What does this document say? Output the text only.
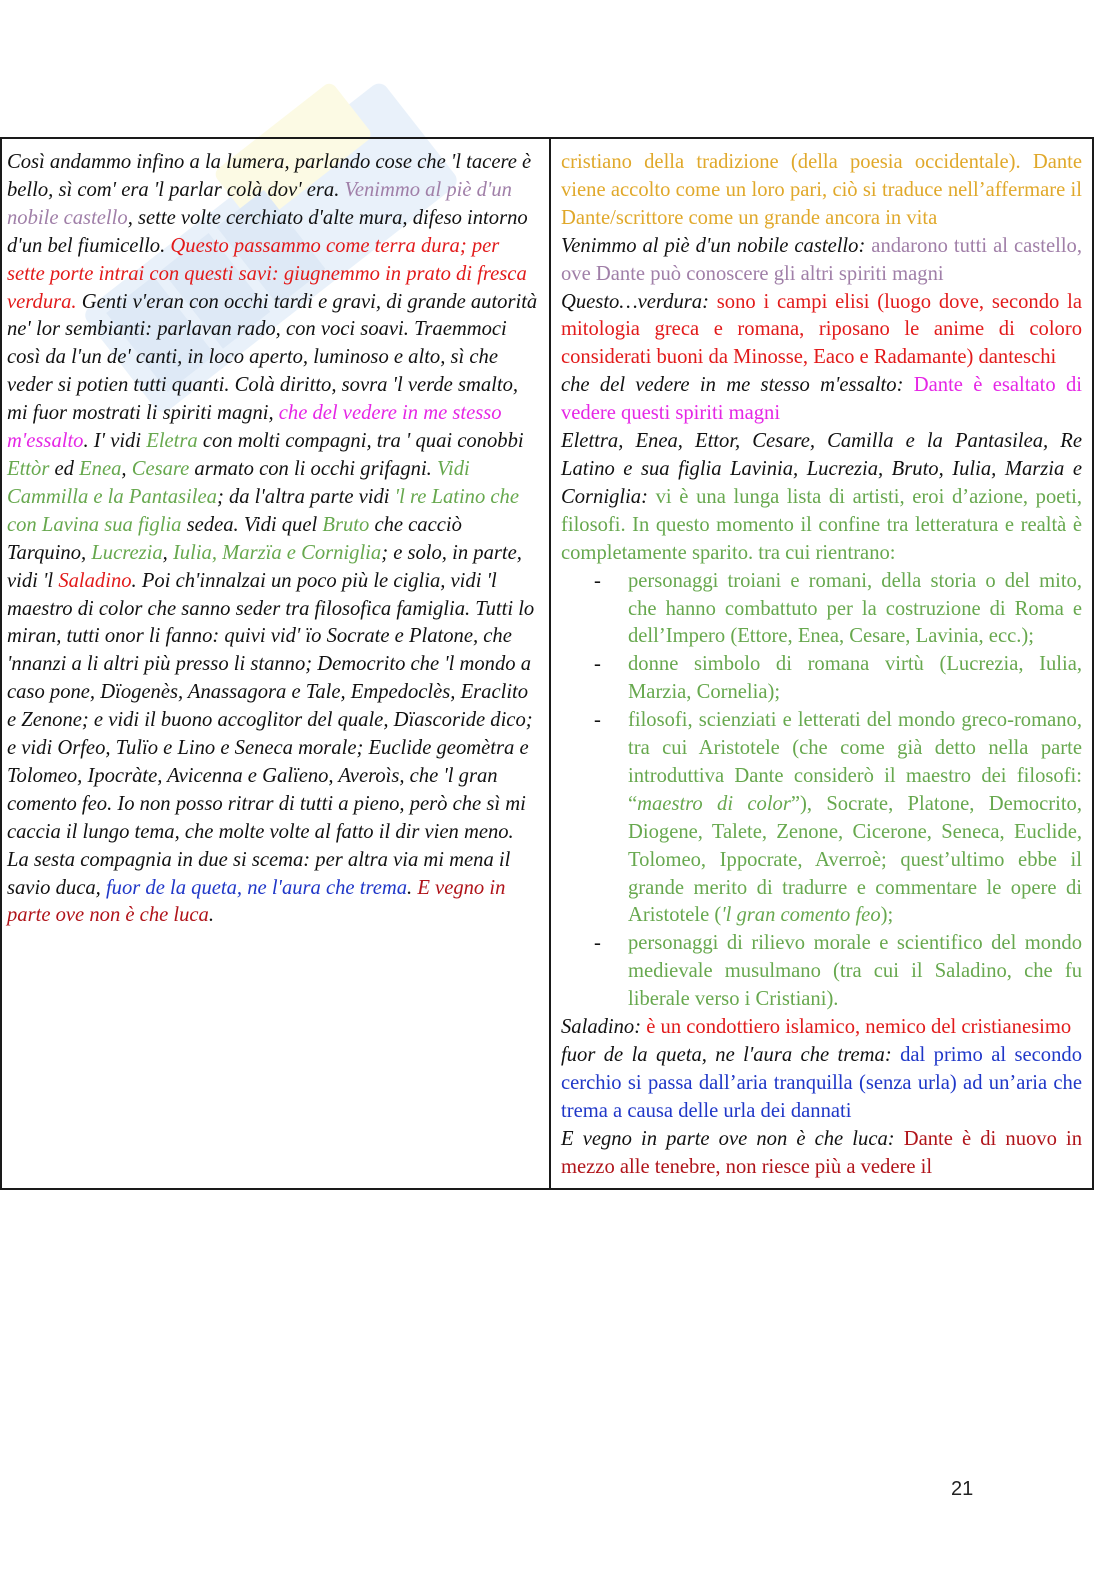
Così andammo infino a la lumera, parlando cose che 'l tacere è bello, sì com' era 'l parlar colà dov' era. Venimmo al piè d'un nobile castello, sette volte cerchiato d'alte mura, difeso intorno d'un bel fiumicello. Questo passammo come terra dura; per sette porte intrai con questi savi: giugnemmo in prato di fresca verdura. Genti v'eran con occhi tardi e gravi, di grande autorità ne' lor sembianti: parlavan rado, con voci soavi. Traemmoci così da l'un de' canti, in loco aperto, luminoso e alto, sì che veder si potien tutti quanti. Colà diritto, sovra 'l verde smalto, mi fuor mostrati li spiriti magni, che del vedere in me stesso m'essalto. I' vidi Eletra con molti compagni, tra ' quai conobbi Ettòr ed Enea, Cesare armato con li occhi grifagni. Vidi Cammilla e la Pantasilea; da l'altra parte vidi 'l re Latino che con Lavina sua figlia sedea. Vidi quel Bruto che cacciò Tarquino, Lucrezia, Iulia, Marzïa e Corniglia; e solo, in parte, vidi 'l Saladino. Poi ch'innalzai un poco più le ciglia, vidi 'l maestro di color che sanno seder tra filosofica famiglia. Tutti lo miran, tutti onor li fanno: quivi vid' ïo Socrate e Platone, che 'nnanzi a li altri più presso li stanno; Democrito che 'l mondo a caso pone, Dïogenès, Anassagora e Tale, Empedoclès, Eraclito e Zenone; e vidi il buono accoglitor del quale, Dïascoride dico; e vidi Orfeo, Tulïo e Lino e Seneca morale; Euclide geomètra e Tolomeo, Ipocràte, Avicenna e Galïeno, Averoìs, che 'l gran comento feo. Io non posso ritrar di tutti a pieno, però che sì mi caccia il lungo tema, che molte volte al fatto il dir vien meno. La sesta compagnia in due si scema: per altra via mi mena il savio duca, fuor de la queta, ne l'aura che trema. E vegno in parte ove non è che luca.

cristiano della tradizione (della poesia occidentale). Dante viene accolto come un loro pari, ciò si traduce nell’affermare il Dante/scrittore come un grande ancora in vita
Venimmo al piè d'un nobile castello: andarono tutti al castello, ove Dante può conoscere gli altri spiriti magni
Questo…verdura: sono i campi elisi (luogo dove, secondo la mitologia greca e romana, riposano le anime di coloro considerati buoni da Minosse, Eaco e Radamante) danteschi
che del vedere in me stesso m'essalto: Dante è esaltato di vedere questi spiriti magni
Elettra, Enea, Ettor, Cesare, Camilla e la Pantasilea, Re Latino e sua figlia Lavinia, Lucrezia, Bruto, Iulia, Marzia e Corniglia: vi è una lunga lista di artisti, eroi d’azione, poeti, filosofi. In questo momento il confine tra letteratura e realtà è completamente sparito. tra cui rientrano:
- personaggi troiani e romani, della storia o del mito, che hanno combattuto per la costruzione di Roma e dell’Impero (Ettore, Enea, Cesare, Lavinia, ecc.);
- donne simbolo di romana virtù (Lucrezia, Iulia, Marzia, Cornelia);
- filosofi, scienziati e letterati del mondo greco-romano, tra cui Aristotele (che come già detto nella parte introduttiva Dante considerò il maestro dei filosofi: “maestro di color”), Socrate, Platone, Democrito, Diogene, Talete, Zenone, Cicerone, Seneca, Euclide, Tolomeo, Ippocrate, Averroè; quest’ultimo ebbe il grande merito di tradurre e commentare le opere di Aristotele ('l gran comento feo);
- personaggi di rilievo morale e scientifico del mondo medievale musulmano (tra cui il Saladino, che fu liberale verso i Cristiani).
Saladino: è un condottiero islamico, nemico del cristianesimo
fuor de la queta, ne l'aura che trema: dal primo al secondo cerchio si passa dall’aria tranquilla (senza urla) ad un’aria che trema a causa delle urla dei dannati
E vegno in parte ove non è che luca: Dante è di nuovo in mezzo alle tenebre, non riesce più a vedere il
21
